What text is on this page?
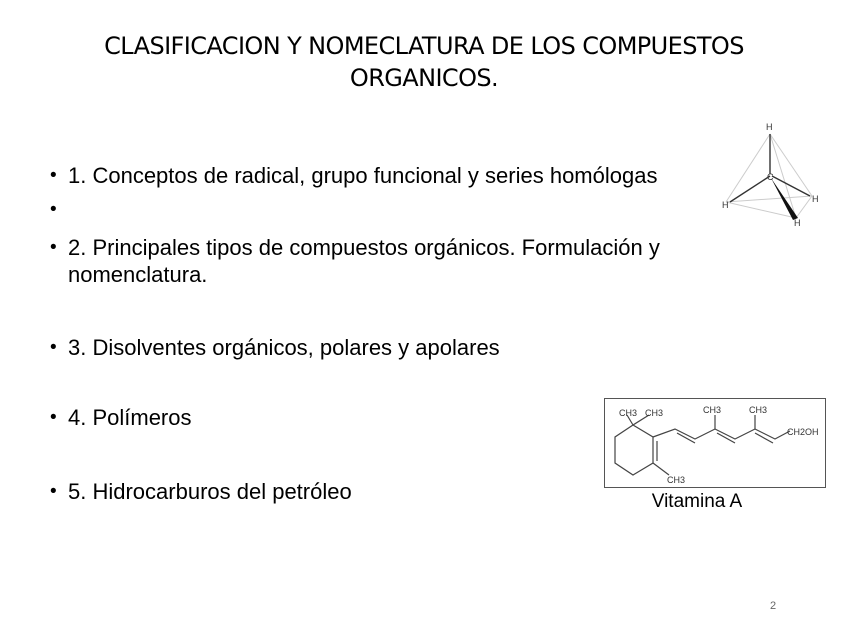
CLASIFICACION Y NOMECLATURA DE LOS COMPUESTOS
ORGANICOS.
• 1. Conceptos de radical, grupo funcional y series homólogas
• 2. Principales tipos de compuestos orgánicos. Formulación y nomenclatura.
• 3. Disolventes orgánicos, polares y apolares
• 4. Polímeros
• 5. Hidrocarburos del petróleo
H
C
H
H
H
CH3 CH3	CH3	CH3
CH2OH
CH3
Vitamina A
2
